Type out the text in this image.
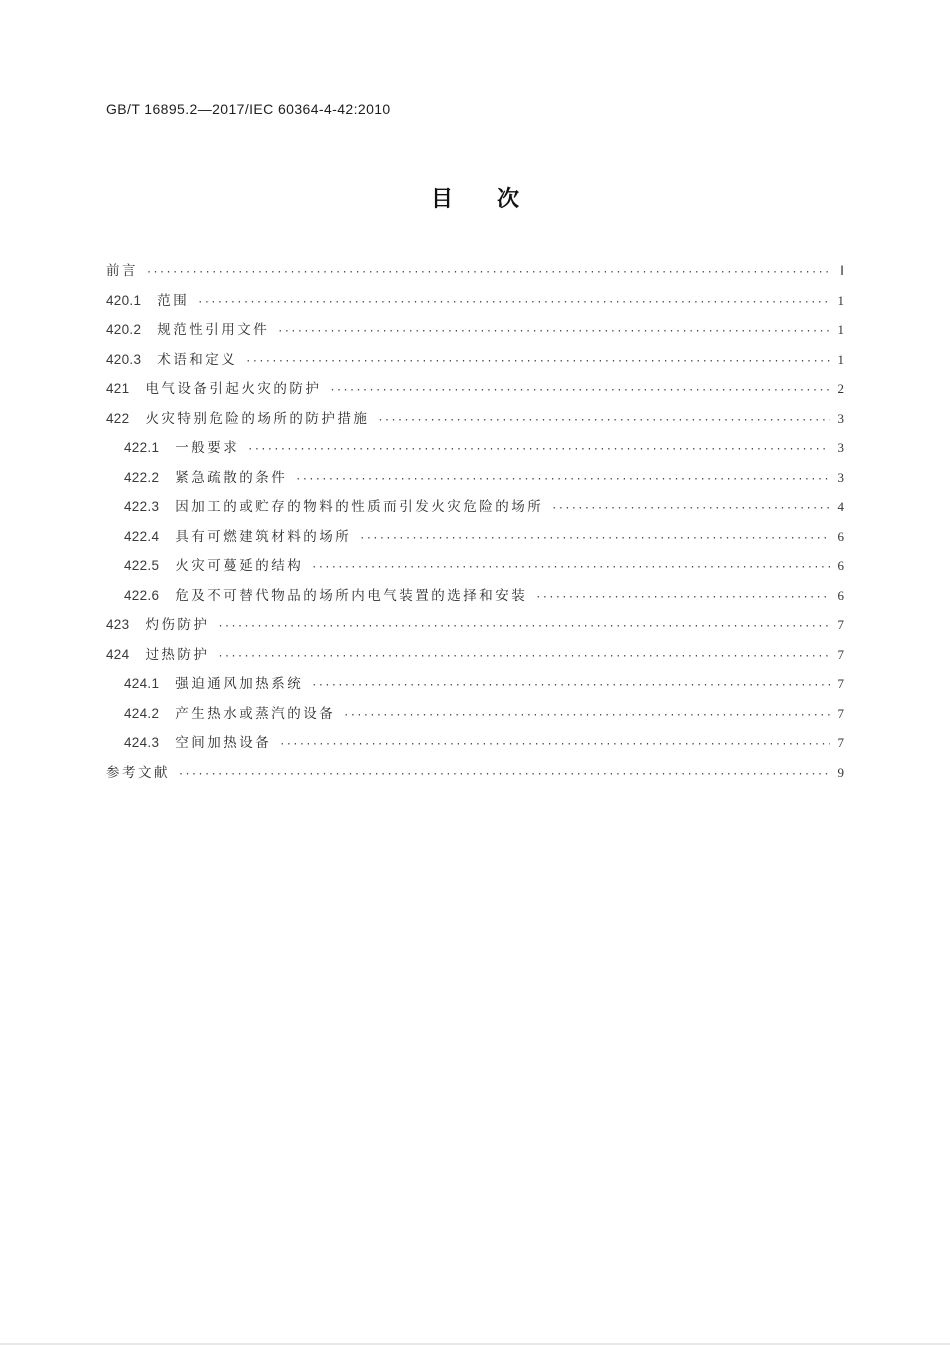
GB/T 16895.2—2017/IEC 60364-4-42:2010
目次
前言 ·····	Ⅰ
420.1 范围 ·····	1
420.2 规范性引用文件 ·····	1
420.3 术语和定义 ·····	1
421 电气设备引起火灾的防护 ·····	2
422 火灾特别危险的场所的防护措施 ·····	3
422.1 一般要求 ·····	3
422.2 紧急疏散的条件 ·····	3
422.3 因加工的或贮存的物料的性质而引发火灾危险的场所 ·····	4
422.4 具有可燃建筑材料的场所 ·····	6
422.5 火灾可蔓延的结构 ·····	6
422.6 危及不可替代物品的场所内电气装置的选择和安装 ·····	6
423 灼伤防护 ·····	7
424 过热防护 ·····	7
424.1 强迫通风加热系统 ·····	7
424.2 产生热水或蒸汽的设备 ·····	7
424.3 空间加热设备 ·····	7
参考文献 ·····	9
